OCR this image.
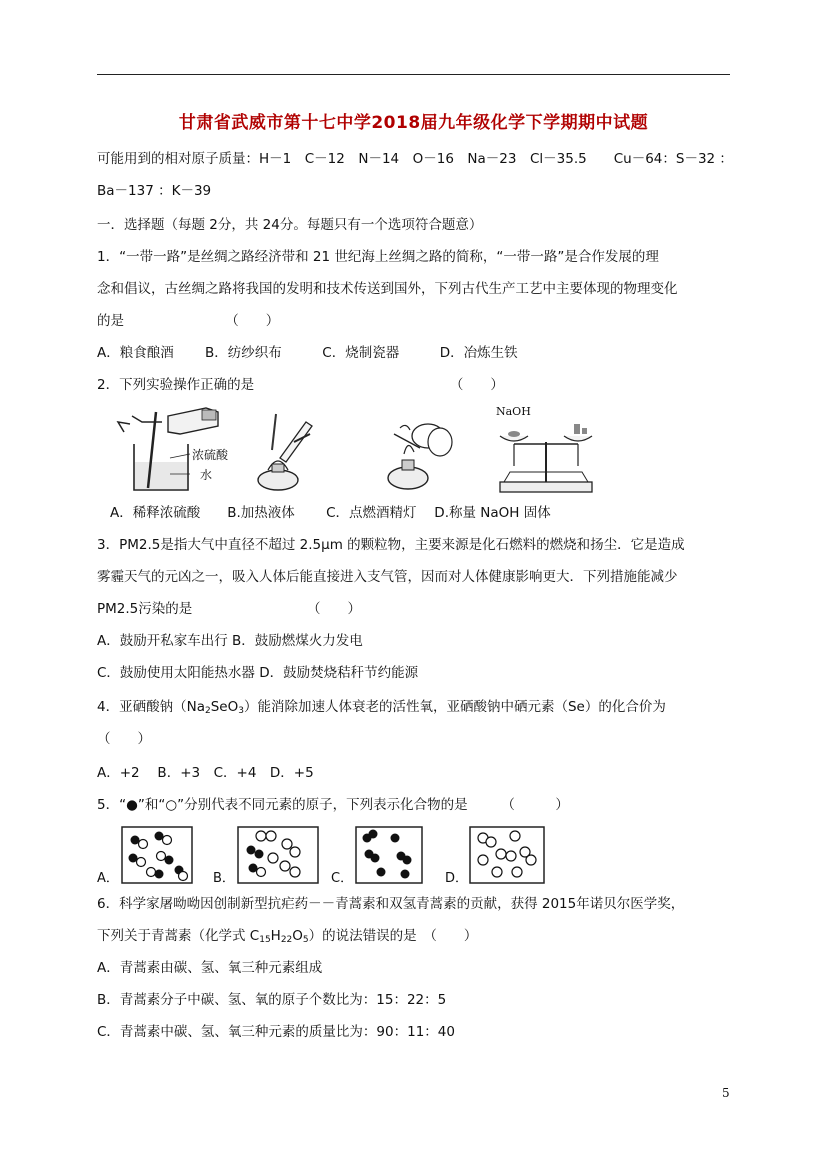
甘肃省武威市第十七中学2018届九年级化学下学期期中试题
可能用到的相对原子质量：H－1　C－12　N－14　O－16　Na－23　Cl－35.5　　Cu－64：S－32 ：
Ba－137 ：K－39
一．选择题（每题 2分，共 24分。每题只有一个选项符合题意）
1．“一带一路”是丝绸之路经济带和 21 世纪海上丝绸之路的简称，“一带一路”是合作发展的理
念和倡议，古丝绸之路将我国的发明和技术传送到国外，下列古代生产工艺中主要体现的物理变化
的是　　　　　　　　（　　）
A．粮食酿酒　　 B．纺纱织布　　　C．烧制瓷器　　　D．冶炼生铁
2．下列实验操作正确的是　　　　　　　　　　　　　　　（　　）
浓硫酸
水
NaOH
A．稀释浓硫酸　　B.加热液体　　 C．点燃酒精灯　 D.称量 NaOH 固体
3．PM2.5是指大气中直径不超过 2.5μm 的颗粒物，主要来源是化石燃料的燃烧和扬尘．它是造成
雾霾天气的元凶之一，吸入人体后能直接进入支气管，因而对人体健康影响更大．下列措施能减少
PM2.5污染的是　　　　　　　　　（　　）
A．鼓励开私家车出行 B．鼓励燃煤火力发电
C．鼓励使用太阳能热水器 D．鼓励焚烧秸秆节约能源
4．亚硒酸钠$(Na_2SeO_3)$能消除加速人体衰老的活性氧，亚硒酸钠中硒元素（Se）的化合价为
（　　）
A．+2　 B．+3　C．+4　D．+5
5．“●”和“○”分别代表不同元素的原子，下列表示化合物的是　　　（　　　）
A．	B．	C．	D．
6．科学家屠呦呦因创制新型抗疟药－－青蒿素和双氢青蒿素的贡献，获得 2015年诺贝尔医学奖，
下列关于青蒿素（化学式 $C_{15}H_{22}O_5$）的说法错误的是　（　　）
A．青蒿素由碳、氢、氧三种元素组成
B．青蒿素分子中碳、氢、氧的原子个数比为：15：22：5
C．青蒿素中碳、氢、氧三种元素的质量比为：90：11：40
5
